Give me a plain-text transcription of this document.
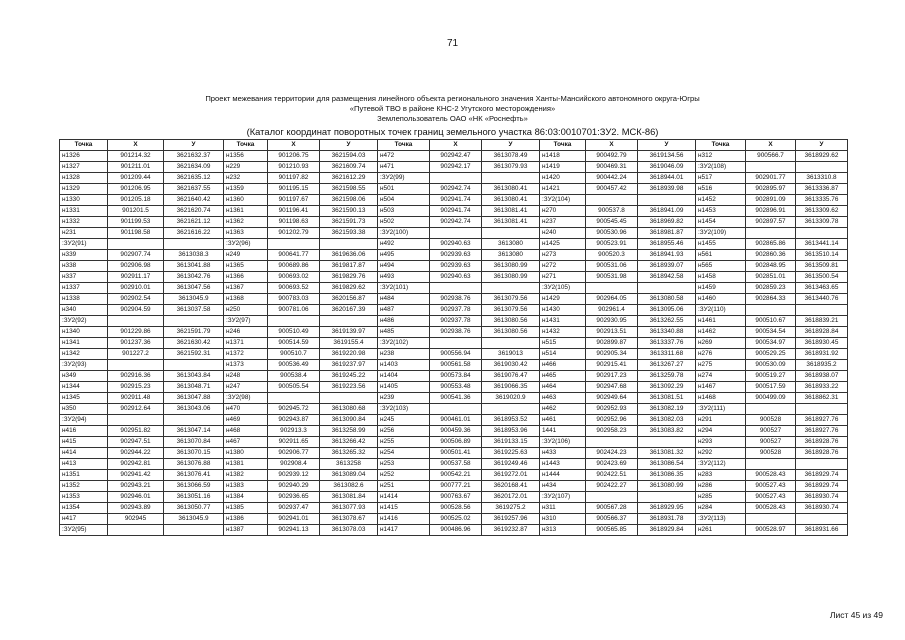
71
Проект межевания территории для размещения линейного объекта регионального значения Ханты-Мансийского автономного округа-Югры
«Путевой ТВО в районе КНС-2 Угутского месторождения»
Землепользователь ОАО «НК «Роснефть»
(Каталог координат поворотных точек границ земельного участка 86:03:0010701:ЗУ2. МСК-86)
Точка	X	У	Точка	X	У	Точка	X	У	Точка	X	У	Точка	X	У
н1326	901214.32	3621632.37	н1356	901206.75	3621594.03	н472	902942.47	3613078.49	н1418	900492.79	3619134.56	н312	900566.7	3618929.62
н1327	901211.01	3621634.09	н229	901210.93	3621609.74	н471	902942.17	3613079.93	н1419	900469.31	3619046.09	:ЗУ2(108)		
н1328	901209.44	3621635.12	н232	901197.82	3621612.29	:ЗУ2(99)			н1420	900442.24	3618944.01	н517	902901.77	3613310.8
н1329	901206.95	3621637.55	н1359	901195.15	3621598.55	н501	902942.74	3613080.41	н1421	900457.42	3618939.98	н516	902895.97	3613336.87
н1330	901205.18	3621640.42	н1360	901197.67	3621598.06	н504	902941.74	3613080.41	:ЗУ2(104)			н1452	902891.09	3613335.76
н1331	901201.5	3621620.74	н1361	901196.41	3621590.13	н503	902941.74	3613081.41	н270	900537.8	3618941.09	н1453	902896.91	3613309.62
н1332	901199.53	3621621.12	н1362	901198.63	3621591.73	н502	902942.74	3613081.41	н237	900545.45	3618969.82	н1454	902897.57	3613309.78
н231	901198.58	3621616.22	н1363	901202.79	3621593.38	:ЗУ2(100)			н240	900530.96	3618981.87	:ЗУ2(109)		
:ЗУ2(91)			:ЗУ2(96)			н492	902940.63	3613080	н1425	900523.91	3618955.46	н1455	902865.86	3613441.14
н339	902907.74	3613038.3	н249	900641.77	3619636.06	н495	902939.63	3613080	н273	900520.3	3618941.93	н561	902860.36	3613510.14
н338	902906.98	3613041.88	н1365	900689.86	3619817.87	н494	902939.63	3613080.99	н272	900531.06	3618939.07	н565	902848.95	3613509.81
н337	902911.17	3613042.76	н1366	900693.02	3619829.76	н493	902940.63	3613080.99	н271	900531.98	3618942.58	н1458	902851.01	3613500.54
н1337	902910.01	3613047.56	н1367	900693.52	3619829.62	:ЗУ2(101)			:ЗУ2(105)			н1459	902859.23	3613463.65
н1338	902902.54	3613045.9	н1368	900783.03	3620156.87	н484	902938.76	3613079.56	н1429	902964.05	3613080.58	н1460	902864.33	3613440.76
н340	902904.59	3613037.58	н250	900781.06	3620167.39	н487	902937.78	3613079.56	н1430	902961.4	3613095.06	:ЗУ2(110)		
:ЗУ2(92)			:ЗУ2(97)			н486	902937.78	3613080.56	н1431	902930.95	3613262.55	н1461	900510.67	3618839.21
н1340	901229.86	3621591.79	н246	900510.49	3619139.97	н485	902938.76	3613080.56	н1432	902913.51	3613340.88	н1462	900534.54	3618928.84
н1341	901237.36	3621630.42	н1371	900514.59	3619155.4	:ЗУ2(102)			н515	902899.87	3613337.76	н269	900534.97	3618930.45
н1342	901227.2	3621592.31	н1372	900510.7	3619220.98	н238	900556.94	3619013	н514	902905.34	3613311.68	н276	900529.25	3618931.92
:ЗУ2(93)			н1373	900536.49	3619237.97	н1403	900561.58	3619030.42	н466	902915.41	3613267.27	н275	900530.09	3618935.2
н349	902916.36	3613043.84	н248	900538.4	3619245.22	н1404	900573.84	3619076.47	н465	902917.23	3613259.78	н274	900519.27	3618938.07
н1344	902915.23	3613048.71	н247	900505.54	3619223.56	н1405	900553.48	3619066.35	н464	902947.68	3613092.29	н1467	900517.59	3618933.22
н1345	902911.48	3613047.88	:ЗУ2(98)			н239	900541.36	3619020.9	н463	902949.64	3613081.51	н1468	900499.09	3618862.31
н350	902912.64	3613043.06	н470	902945.72	3613080.68	:ЗУ2(103)			н462	902952.93	3613082.19	:ЗУ2(111)		
:ЗУ2(94)			н469	902943.87	3613090.84	н245	900461.01	3618953.52	н461	902952.96	3613082.03	н291	900528	3618927.76
н416	902951.82	3613047.14	н468	902913.3	3613258.99	н256	900459.36	3618953.96	1441	902958.23	3613083.82	н294	900527	3618927.76
н415	902947.51	3613070.84	н467	902911.65	3613266.42	н255	900506.89	3619133.15	:ЗУ2(106)			н293	900527	3618928.76
н414	902944.22	3613070.15	н1380	902906.77	3613265.32	н254	900501.41	3619225.63	н433	902424.23	3613081.32	н292	900528	3618928.76
н413	902942.81	3613076.88	н1381	902908.4	3613258	н253	900537.58	3619249.46	н1443	902423.69	3613086.54	:ЗУ2(112)		
н1351	902941.42	3613076.41	н1382	902939.12	3613089.04	н252	900542.21	3619272.01	н1444	902422.51	3613086.35	н283	900528.43	3618929.74
н1352	902943.21	3613066.59	н1383	902940.29	3613082.6	н251	900777.21	3620168.41	н434	902422.27	3613080.99	н286	900527.43	3618929.74
н1353	902946.01	3613051.16	н1384	902936.65	3613081.84	н1414	900763.67	3620172.01	:ЗУ2(107)			н285	900527.43	3618930.74
н1354	902943.89	3613050.77	н1385	902937.47	3613077.93	н1415	900528.56	3619275.2	н311	900567.28	3618929.95	н284	900528.43	3618930.74
н417	902945	3613045.9	н1386	902941.01	3613078.67	н1416	900525.02	3619257.96	н310	900566.37	3618931.78	:ЗУ2(113)		
:ЗУ2(95)			н1387	902941.13	3613078.03	н1417	900486.96	3619232.87	н313	900565.85	3618929.84	н261	900528.97	3618931.66
Лист 45 из 49
